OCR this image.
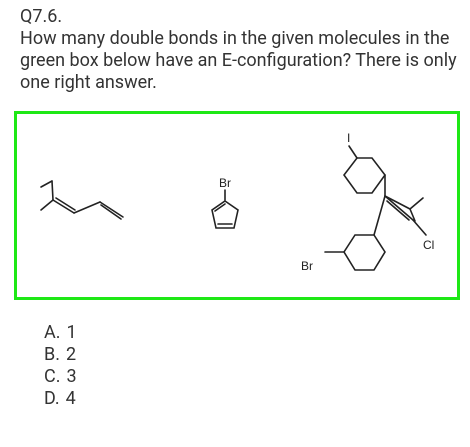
Q7.6.

How many double bonds in the given molecules in the green box below have an E-configuration? There is only one right answer.

Br
I
Cl
Br
A. 1
B. 2
C. 3
D. 4
